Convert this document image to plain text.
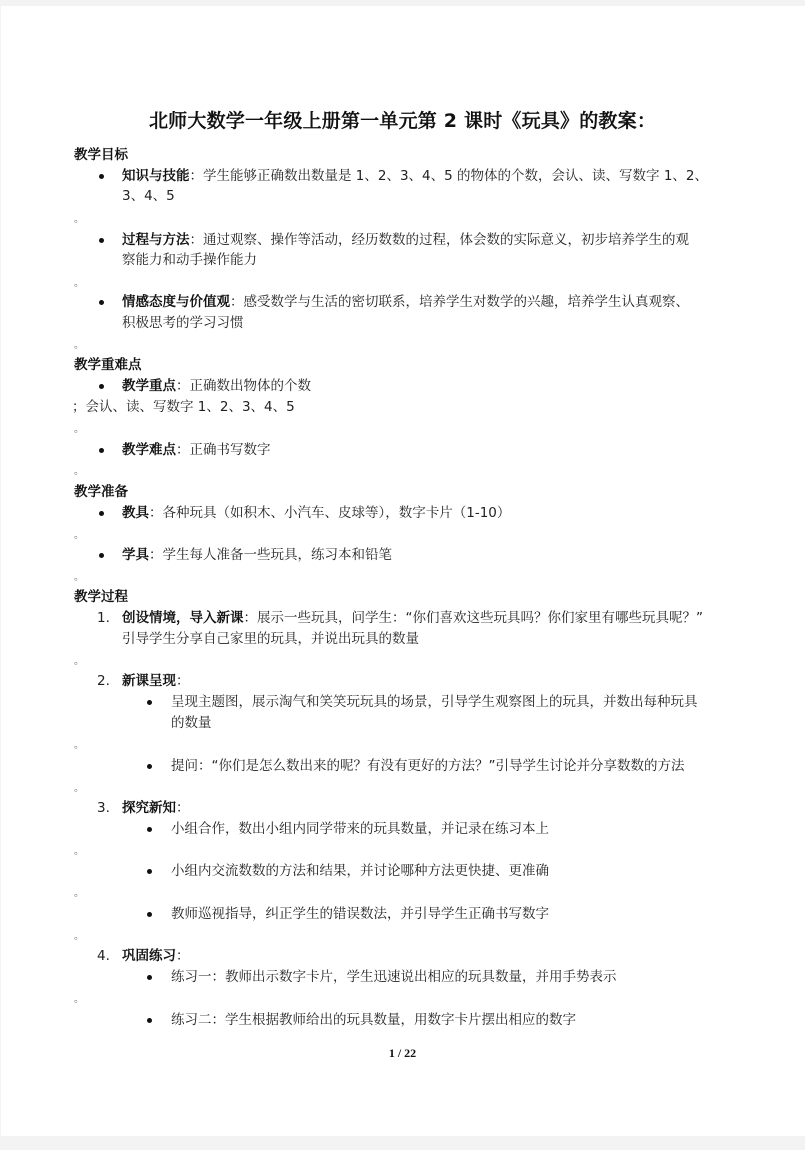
北师大数学一年级上册第一单元第 2 课时《玩具》的教案：
教学目标
知识与技能：学生能够正确数出数量是 1、2、3、4、5 的物体的个数，会认、读、写数字 1、2、
3、4、5
。
过程与方法：通过观察、操作等活动，经历数数的过程，体会数的实际意义，初步培养学生的观
察能力和动手操作能力
。
情感态度与价值观：感受数学与生活的密切联系，培养学生对数学的兴趣，培养学生认真观察、
积极思考的学习习惯
。
教学重难点
教学重点：正确数出物体的个数
；会认、读、写数字 1、2、3、4、5
。
教学难点：正确书写数字
。
教学准备
教具：各种玩具（如积木、小汽车、皮球等），数字卡片（1-10）
。
学具：学生每人准备一些玩具，练习本和铅笔
。
教学过程
1. 创设情境，导入新课：展示一些玩具，问学生：“你们喜欢这些玩具吗？你们家里有哪些玩具呢？”
引导学生分享自己家里的玩具，并说出玩具的数量
。
2. 新课呈现：
呈现主题图，展示淘气和笑笑玩玩具的场景，引导学生观察图上的玩具，并数出每种玩具
的数量
。
提问：“你们是怎么数出来的呢？有没有更好的方法？”引导学生讨论并分享数数的方法
。
3. 探究新知：
小组合作，数出小组内同学带来的玩具数量，并记录在练习本上
。
小组内交流数数的方法和结果，并讨论哪种方法更快捷、更准确
。
教师巡视指导，纠正学生的错误数法，并引导学生正确书写数字
。
4. 巩固练习：
练习一：教师出示数字卡片，学生迅速说出相应的玩具数量，并用手势表示
。
练习二：学生根据教师给出的玩具数量，用数字卡片摆出相应的数字
1 / 22
